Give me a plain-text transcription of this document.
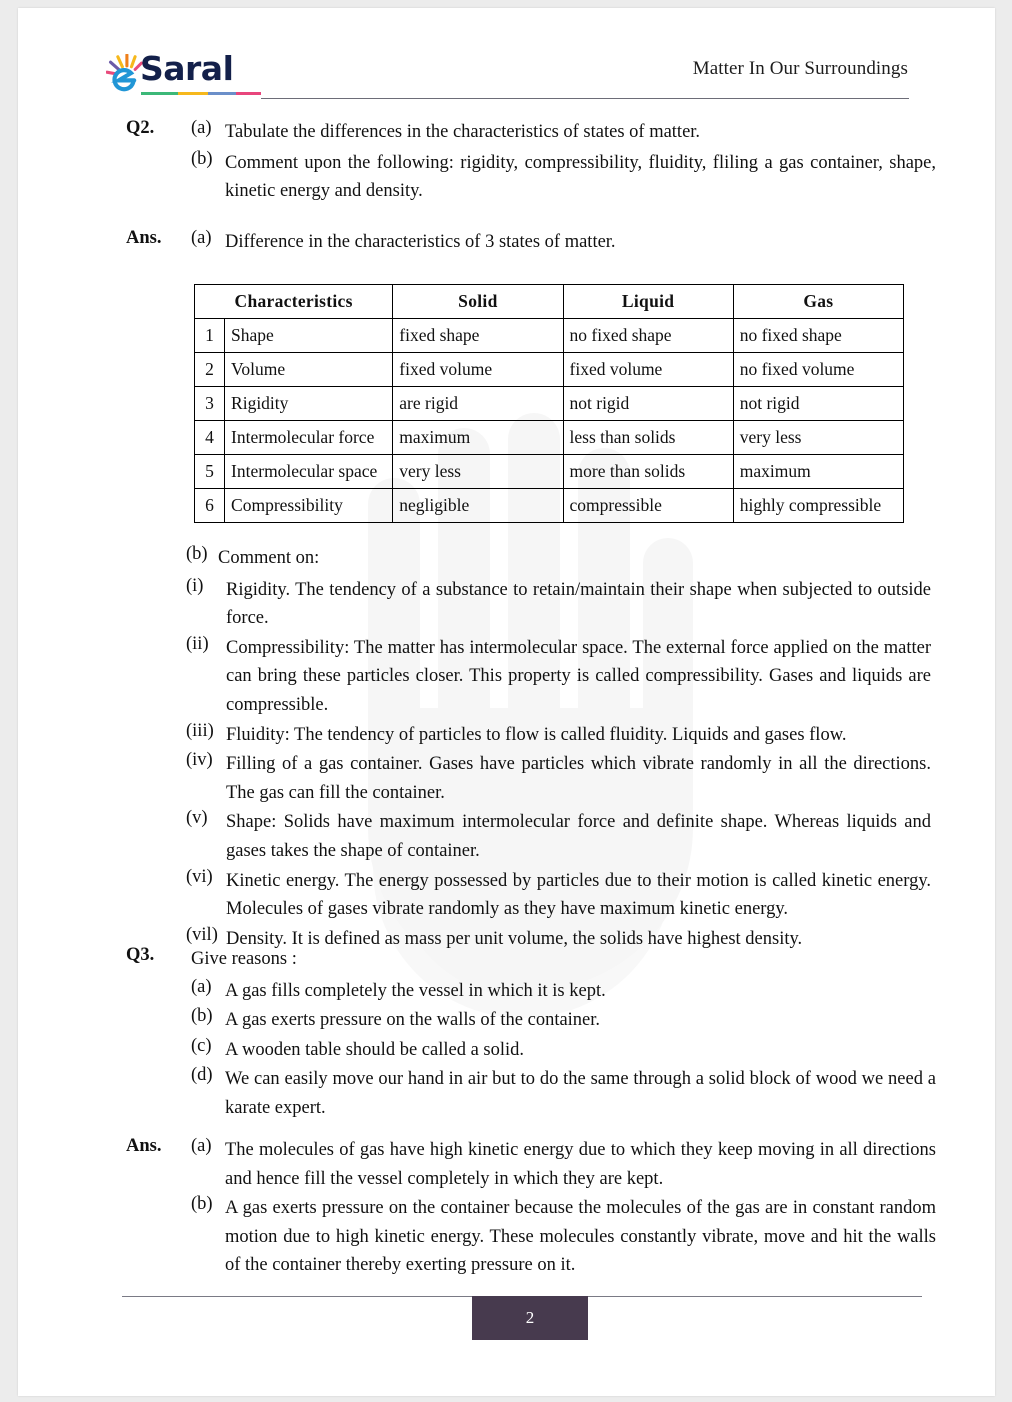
Saral	Matter In Our Surroundings
Q2. (a) Tabulate the differences in the characteristics of states of matter.
(b) Comment upon the following: rigidity, compressibility, fluidity, fliling a gas container, shape, kinetic energy and density.
Ans. (a) Difference in the characteristics of 3 states of matter.
Characteristics		Solid	Liquid	Gas
1	Shape	fixed shape	no fixed shape	no fixed shape
2	Volume	fixed volume	fixed volume	no fixed volume
3	Rigidity	are rigid	not rigid	not rigid
4	Intermolecular force	maximum	less than solids	very less
5	Intermolecular space	very less	more than solids	maximum
6	Compressibility	negligible	compressible	highly compressible
(b) Comment on:
(i) Rigidity. The tendency of a substance to retain/maintain their shape when subjected to outside force.
(ii) Compressibility: The matter has intermolecular space. The external force applied on the matter can bring these particles closer. This property is called compressibility. Gases and liquids are compressible.
(iii) Fluidity: The tendency of particles to flow is called fluidity. Liquids and gases flow.
(iv) Filling of a gas container. Gases have particles which vibrate randomly in all the directions. The gas can fill the container.
(v) Shape: Solids have maximum intermolecular force and definite shape. Whereas liquids and gases takes the shape of container.
(vi) Kinetic energy. The energy possessed by particles due to their motion is called kinetic energy. Molecules of gases vibrate randomly as they have maximum kinetic energy.
(vil) Density. It is defined as mass per unit volume, the solids have highest density.
Q3. Give reasons :
(a) A gas fills completely the vessel in which it is kept.
(b) A gas exerts pressure on the walls of the container.
(c) A wooden table should be called a solid.
(d) We can easily move our hand in air but to do the same through a solid block of wood we need a karate expert.
Ans. (a) The molecules of gas have high kinetic energy due to which they keep moving in all directions and hence fill the vessel completely in which they are kept.
(b) A gas exerts pressure on the container because the molecules of the gas are in constant random motion due to high kinetic energy. These molecules constantly vibrate, move and hit the walls of the container thereby exerting pressure on it.
2
